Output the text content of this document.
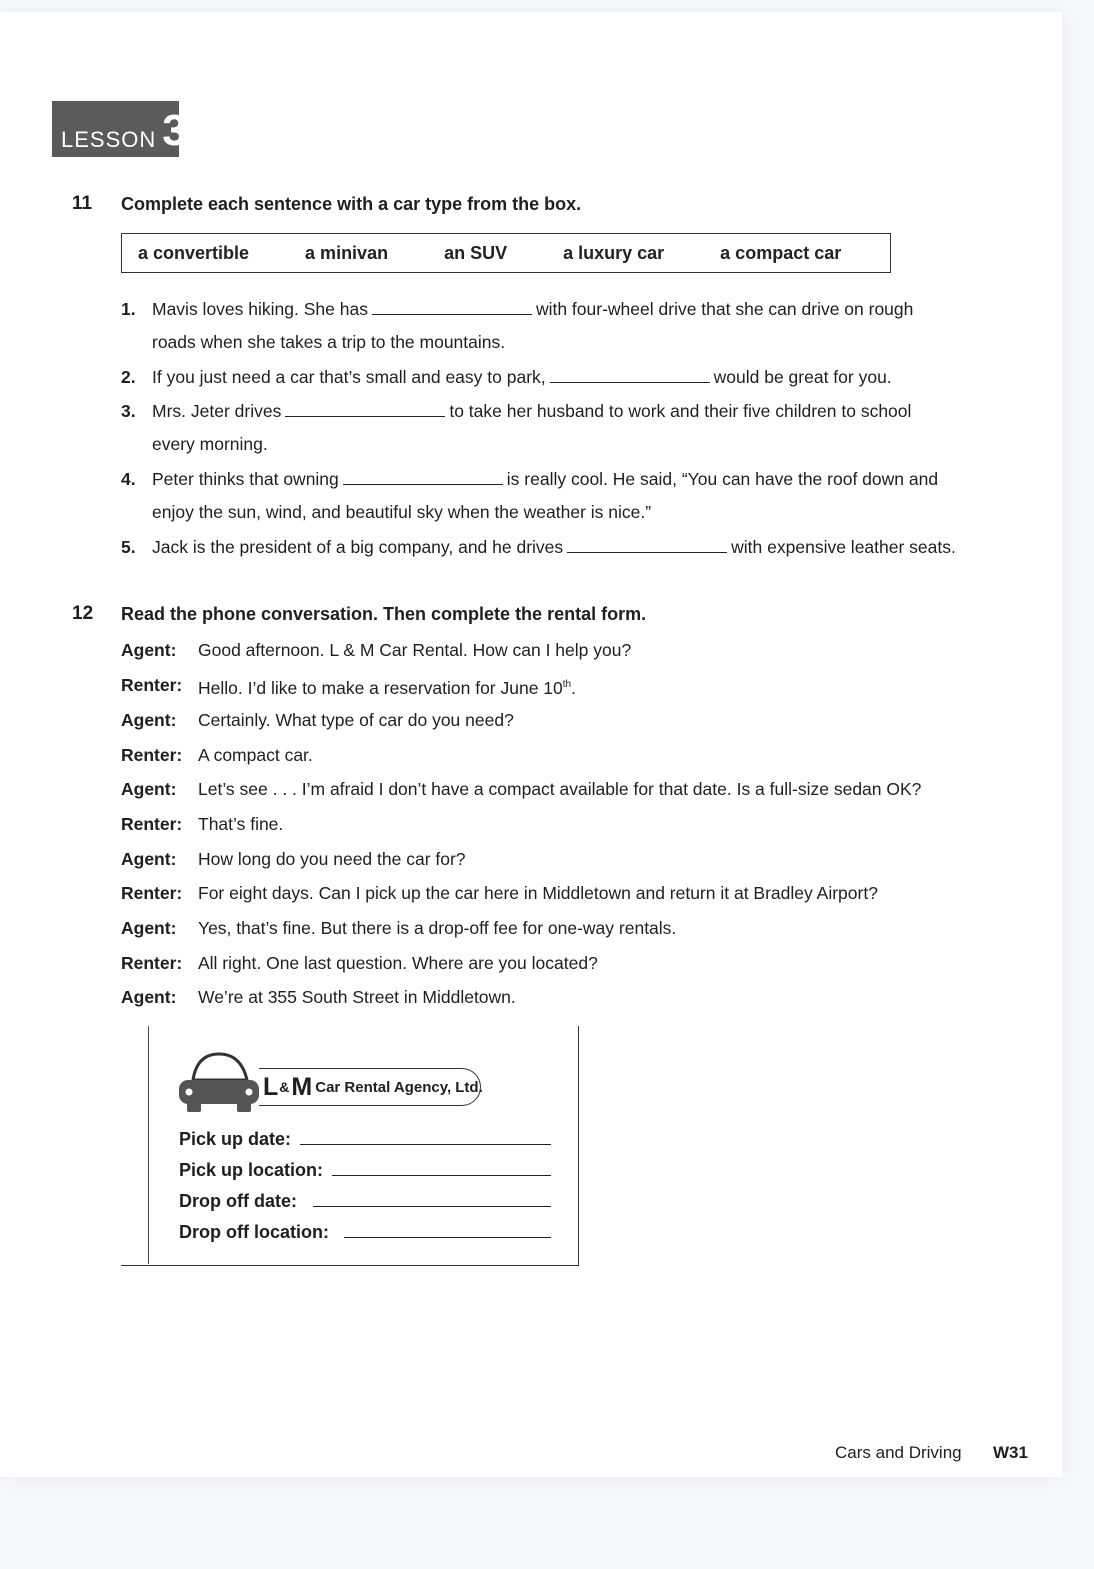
LESSON 3
11 Complete each sentence with a car type from the box.
a convertible	a minivan	an SUV	a luxury car	a compact car
1. Mavis loves hiking. She has	with four-wheel drive that she can drive on rough
roads when she takes a trip to the mountains.
2. If you just need a car that’s small and easy to park,	would be great for you.
3. Mrs. Jeter drives	to take her husband to work and their five children to school
every morning.
4. Peter thinks that owning	is really cool. He said, “You can have the roof down and
enjoy the sun, wind, and beautiful sky when the weather is nice.”
5. Jack is the president of a big company, and he drives	with expensive leather seats.
12 Read the phone conversation. Then complete the rental form.
Agent: Good afternoon. L & M Car Rental. How can I help you?
Renter: Hello. I’d like to make a reservation for June 10th.
Agent: Certainly. What type of car do you need?
Renter: A compact car.
Agent: Let’s see . . . I’m afraid I don’t have a compact available for that date. Is a full-size sedan OK?
Renter: That’s fine.
Agent: How long do you need the car for?
Renter: For eight days. Can I pick up the car here in Middletown and return it at Bradley Airport?
Agent: Yes, that’s fine. But there is a drop-off fee for one-way rentals.
Renter: All right. One last question. Where are you located?
Agent: We’re at 355 South Street in Middletown.
L & M Car Rental Agency, Ltd.
Pick up date:
Pick up location:
Drop off date:
Drop off location:
Cars and Driving W31
